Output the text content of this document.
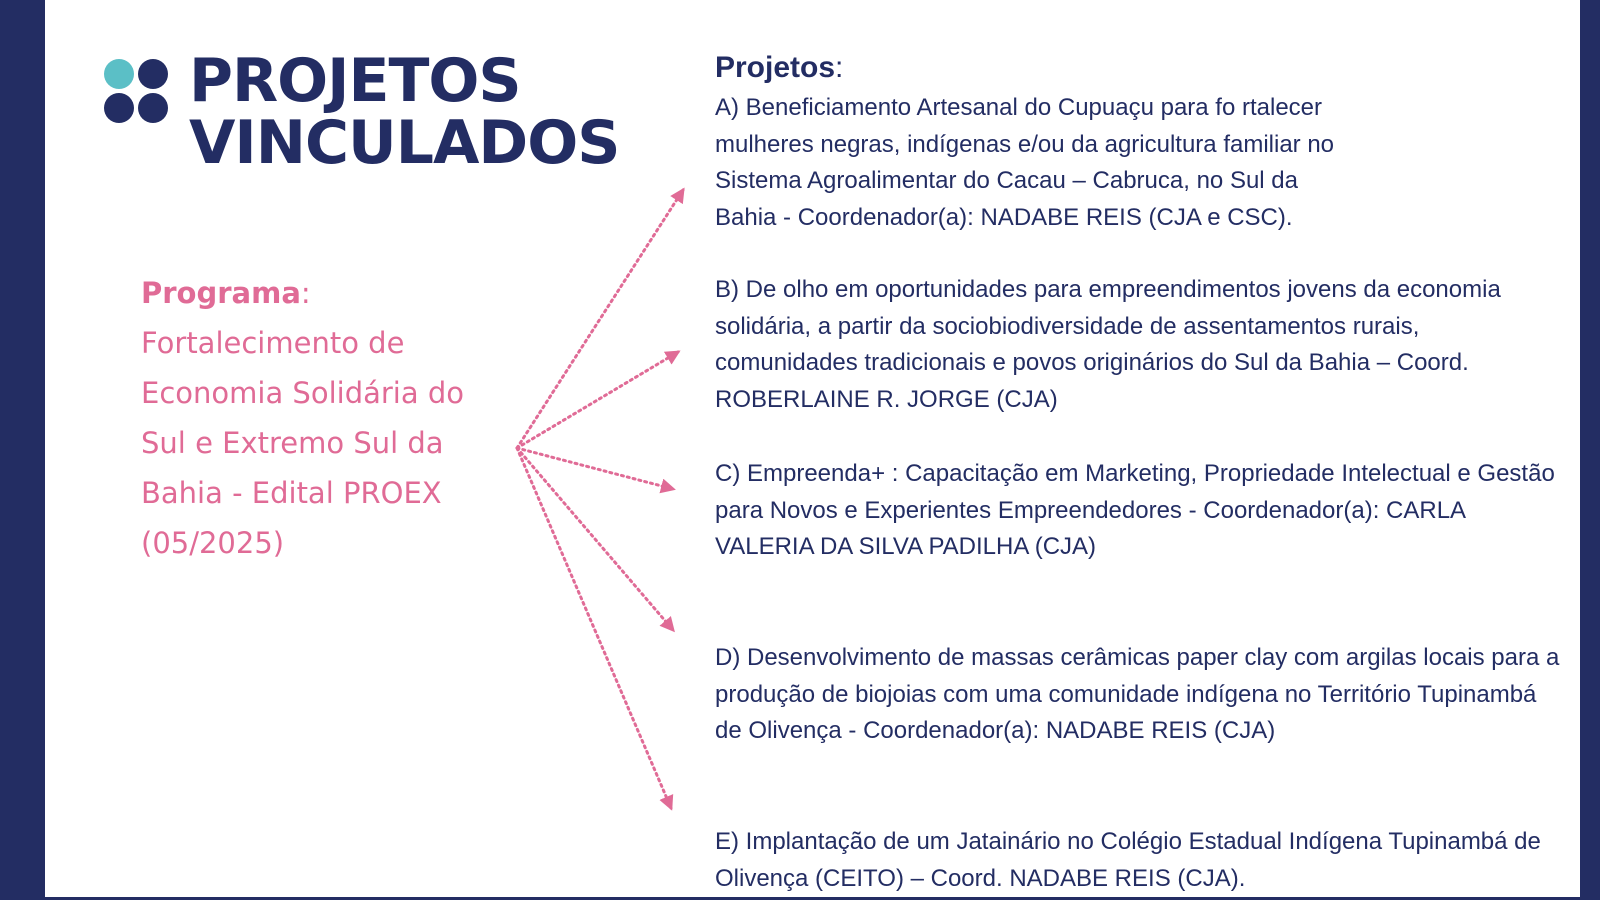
PROJETOS
VINCULADOS
Programa:
Fortalecimento de Economia Solidária do Sul e Extremo Sul da Bahia - Edital PROEX (05/2025)
Projetos:

A) Beneficiamento Artesanal do Cupuaçu para fo rtalecer mulheres negras, indígenas e/ou da agricultura familiar no Sistema Agroalimentar do Cacau – Cabruca, no Sul da Bahia - Coordenador(a): NADABE REIS (CJA e CSC).

B) De olho em oportunidades para empreendimentos jovens da economia solidária, a partir da sociobiodiversidade de assentamentos rurais, comunidades tradicionais e povos originários do Sul da Bahia – Coord. ROBERLAINE R. JORGE (CJA)

C) Empreenda+ : Capacitação em Marketing, Propriedade Intelectual e Gestão para Novos e Experientes Empreendedores - Coordenador(a): CARLA VALERIA DA SILVA PADILHA (CJA)

D) Desenvolvimento de massas cerâmicas paper clay com argilas locais para a produção de biojoias com uma comunidade indígena no Território Tupinambá de Olivença - Coordenador(a): NADABE REIS (CJA)

E) Implantação de um Jatainário no Colégio Estadual Indígena Tupinambá de Olivença (CEITO) – Coord. NADABE REIS (CJA).
